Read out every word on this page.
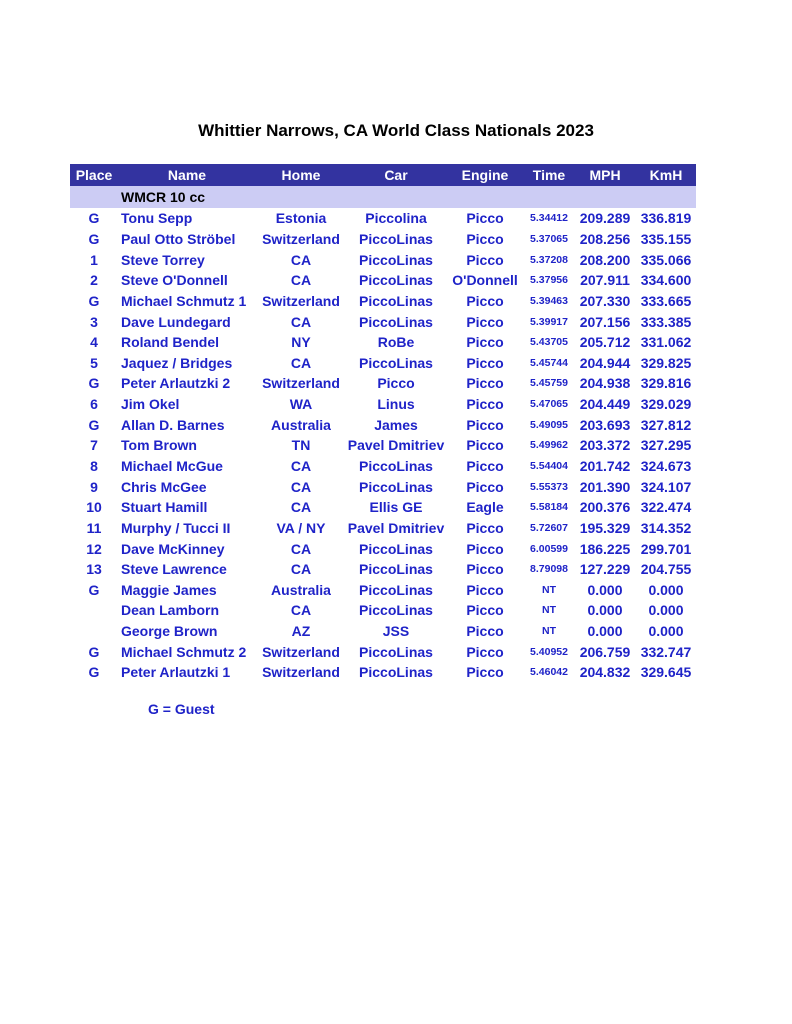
Whittier Narrows, CA World Class Nationals 2023
Place	Name	Home	Car	Engine	Time	MPH	KmH
	WMCR 10 cc						
G	Tonu Sepp	Estonia	Piccolina	Picco	5.34412	209.289	336.819
G	Paul Otto Ströbel	Switzerland	PiccoLinas	Picco	5.37065	208.256	335.155
1	Steve Torrey	CA	PiccoLinas	Picco	5.37208	208.200	335.066
2	Steve O'Donnell	CA	PiccoLinas	O'Donnell	5.37956	207.911	334.600
G	Michael Schmutz 1	Switzerland	PiccoLinas	Picco	5.39463	207.330	333.665
3	Dave Lundegard	CA	PiccoLinas	Picco	5.39917	207.156	333.385
4	Roland Bendel	NY	RoBe	Picco	5.43705	205.712	331.062
5	Jaquez / Bridges	CA	PiccoLinas	Picco	5.45744	204.944	329.825
G	Peter Arlautzki 2	Switzerland	Picco	Picco	5.45759	204.938	329.816
6	Jim Okel	WA	Linus	Picco	5.47065	204.449	329.029
G	Allan D. Barnes	Australia	James	Picco	5.49095	203.693	327.812
7	Tom Brown	TN	Pavel Dmitriev	Picco	5.49962	203.372	327.295
8	Michael McGue	CA	PiccoLinas	Picco	5.54404	201.742	324.673
9	Chris McGee	CA	PiccoLinas	Picco	5.55373	201.390	324.107
10	Stuart Hamill	CA	Ellis GE	Eagle	5.58184	200.376	322.474
11	Murphy / Tucci II	VA / NY	Pavel Dmitriev	Picco	5.72607	195.329	314.352
12	Dave McKinney	CA	PiccoLinas	Picco	6.00599	186.225	299.701
13	Steve Lawrence	CA	PiccoLinas	Picco	8.79098	127.229	204.755
G	Maggie James	Australia	PiccoLinas	Picco	NT	0.000	0.000
	Dean Lamborn	CA	PiccoLinas	Picco	NT	0.000	0.000
	George Brown	AZ	JSS	Picco	NT	0.000	0.000
G	Michael Schmutz 2	Switzerland	PiccoLinas	Picco	5.40952	206.759	332.747
G	Peter Arlautzki 1	Switzerland	PiccoLinas	Picco	5.46042	204.832	329.645
G = Guest
